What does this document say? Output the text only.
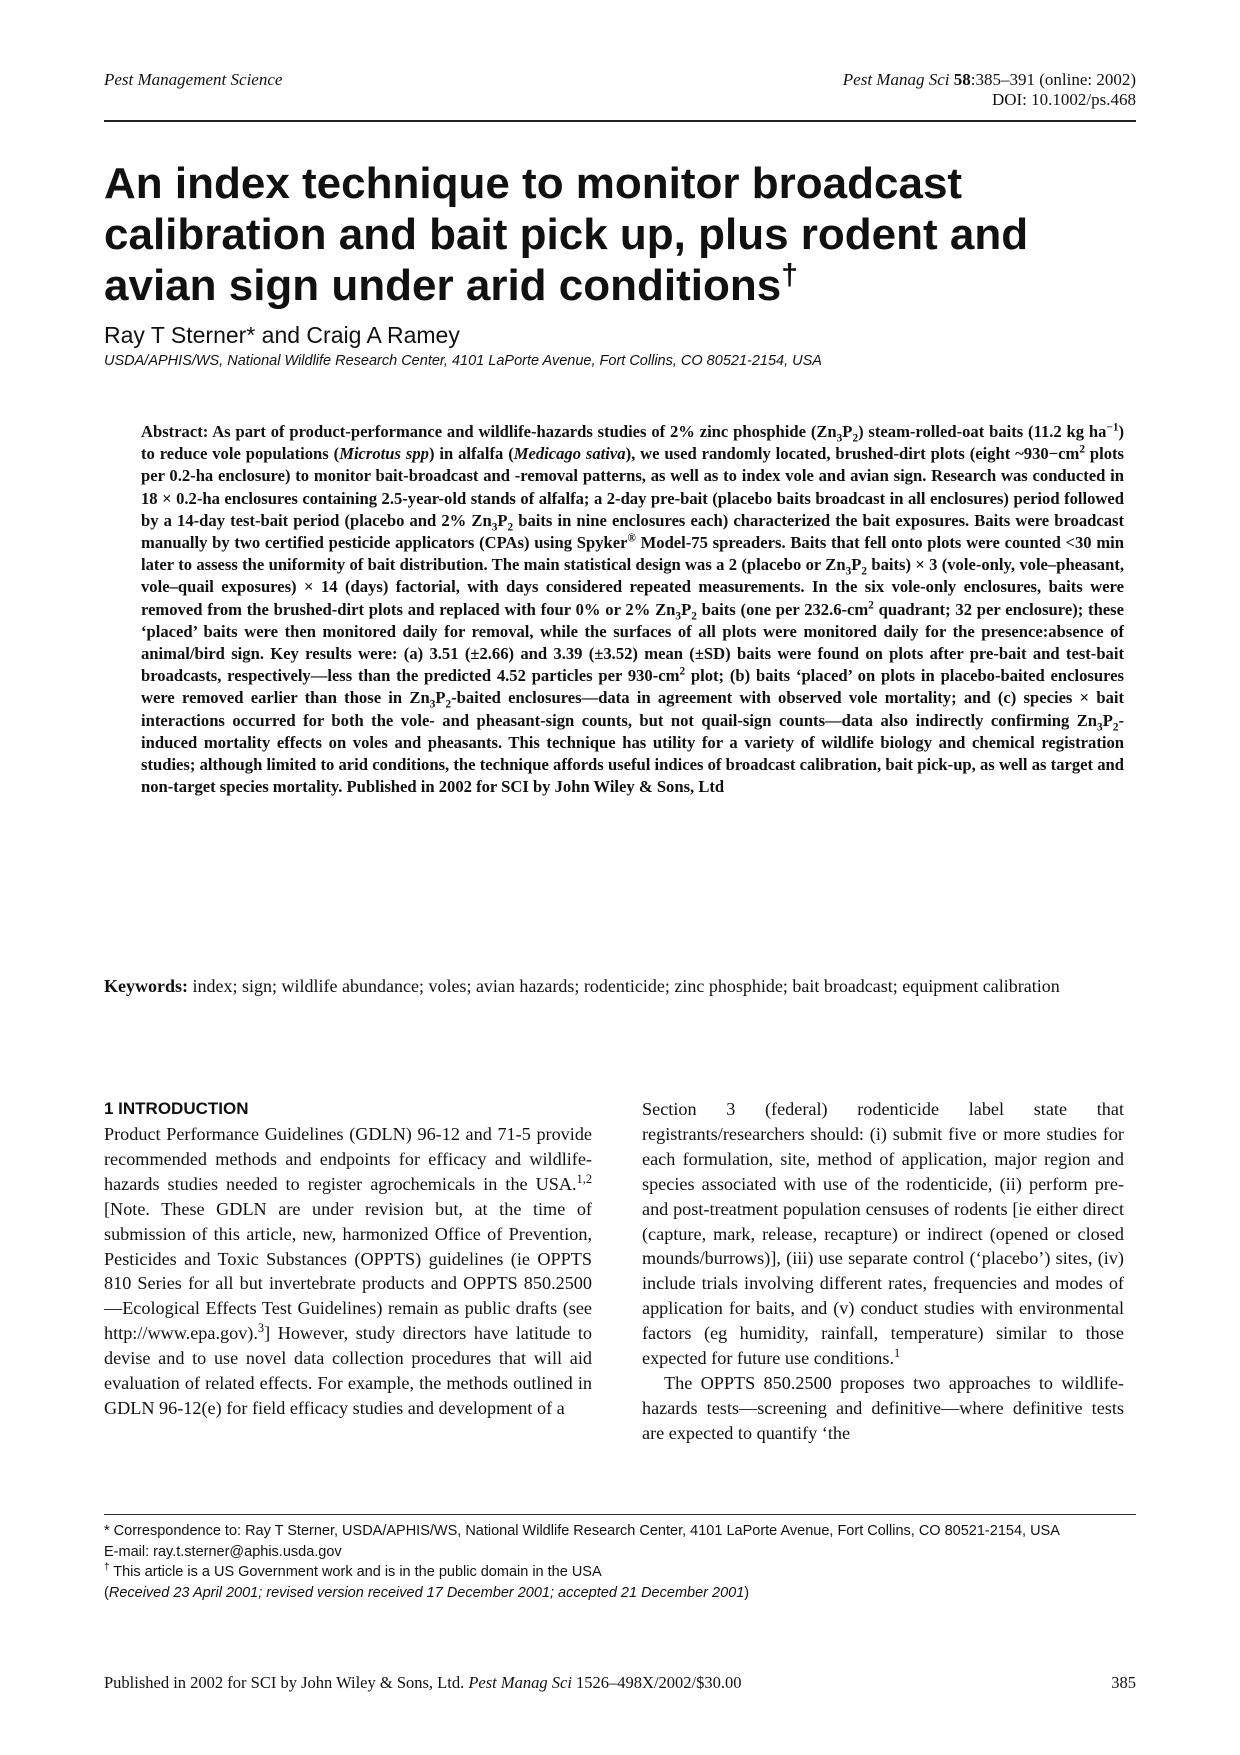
Pest Management Science	Pest Manag Sci 58:385–391 (online: 2002)
DOI: 10.1002/ps.468
An index technique to monitor broadcast calibration and bait pick up, plus rodent and avian sign under arid conditions†
Ray T Sterner* and Craig A Ramey
USDA/APHIS/WS, National Wildlife Research Center, 4101 LaPorte Avenue, Fort Collins, CO 80521-2154, USA

Abstract: As part of product-performance and wildlife-hazards studies of 2% zinc phosphide $(Zn_3P_2)$ steam-rolled-oat baits (11.2 kg $ha^{-1}$) to reduce vole populations (Microtus spp) in alfalfa (Medicago sativa), we used randomly located, brushed-dirt plots (eight $\sim 930-cm^2$ plots per 0.2-ha enclosure) to monitor bait-broadcast and -removal patterns, as well as to index vole and avian sign. Research was conducted in 18 × 0.2-ha enclosures containing 2.5-year-old stands of alfalfa; a 2-day pre-bait (placebo baits broadcast in all enclosures) period followed by a 14-day test-bait period (placebo and 2% $Zn_3P_2$ baits in nine enclosures each) characterized the bait exposures. Baits were broadcast manually by two certified pesticide applicators (CPAs) using Spyker® Model-75 spreaders. Baits that fell onto plots were counted <30 min later to assess the uniformity of bait distribution. The main statistical design was a 2 (placebo or $Zn_3P_2$ baits) × 3 (vole-only, vole–pheasant, vole–quail exposures) × 14 (days) factorial, with days considered repeated measurements. In the six vole-only enclosures, baits were removed from the brushed-dirt plots and replaced with four 0% or 2% $Zn_3P_2$ baits (one per $232.6-cm^2$ quadrant; 32 per enclosure); these ‘placed’ baits were then monitored daily for removal, while the surfaces of all plots were monitored daily for the presence:absence of animal/bird sign. Key results were: (a) 3.51 (±2.66) and 3.39 (±3.52) mean (±SD) baits were found on plots after pre-bait and test-bait broadcasts, respectively—less than the predicted 4.52 particles per $930-cm^2$ plot; (b) baits ‘placed’ on plots in placebo-baited enclosures were removed earlier than those in $Zn_3P_2$-baited enclosures—data in agreement with observed vole mortality; and (c) species × bait interactions occurred for both the vole- and pheasant-sign counts, but not quail-sign counts—data also indirectly confirming $Zn_3P_2$-induced mortality effects on voles and pheasants. This technique has utility for a variety of wildlife biology and chemical registration studies; although limited to arid conditions, the technique affords useful indices of broadcast calibration, bait pick-up, as well as target and non-target species mortality. Published in 2002 for SCI by John Wiley & Sons, Ltd

Keywords: index; sign; wildlife abundance; voles; avian hazards; rodenticide; zinc phosphide; bait broadcast; equipment calibration

1 INTRODUCTION

Product Performance Guidelines (GDLN) 96-12 and 71-5 provide recommended methods and endpoints for efficacy and wildlife-hazards studies needed to register agrochemicals in the USA.$^{1,2}$ [Note. These GDLN are under revision but, at the time of submission of this article, new, harmonized Office of Prevention, Pesticides and Toxic Substances (OPPTS) guidelines (ie OPPTS 810 Series for all but invertebrate products and OPPTS 850.2500—Ecological Effects Test Guidelines) remain as public drafts (see http://www.epa.gov).$^3$] However, study directors have latitude to devise and to use novel data collection procedures that will aid evaluation of related effects. For example, the methods outlined in GDLN 96-12(e) for field efficacy studies and development of a

Section 3 (federal) rodenticide label state that registrants/researchers should: (i) submit five or more studies for each formulation, site, method of application, major region and species associated with use of the rodenticide, (ii) perform pre- and post-treatment population censuses of rodents [ie either direct (capture, mark, release, recapture) or indirect (opened or closed mounds/burrows)], (iii) use separate control (‘placebo’) sites, (iv) include trials involving different rates, frequencies and modes of application for baits, and (v) conduct studies with environmental factors (eg humidity, rainfall, temperature) similar to those expected for future use conditions.$^1$

The OPPTS 850.2500 proposes two approaches to wildlife-hazards tests—screening and definitive—where definitive tests are expected to quantify ‘the

* Correspondence to: Ray T Sterner, USDA/APHIS/WS, National Wildlife Research Center, 4101 LaPorte Avenue, Fort Collins, CO 80521-2154, USA

E-mail: ray.t.sterner@aphis.usda.gov

† This article is a US Government work and is in the public domain in the USA

(Received 23 April 2001; revised version received 17 December 2001; accepted 21 December 2001)

Published in 2002 for SCI by John Wiley & Sons, Ltd. Pest Manag Sci 1526–498X/2002/$30.00	385
